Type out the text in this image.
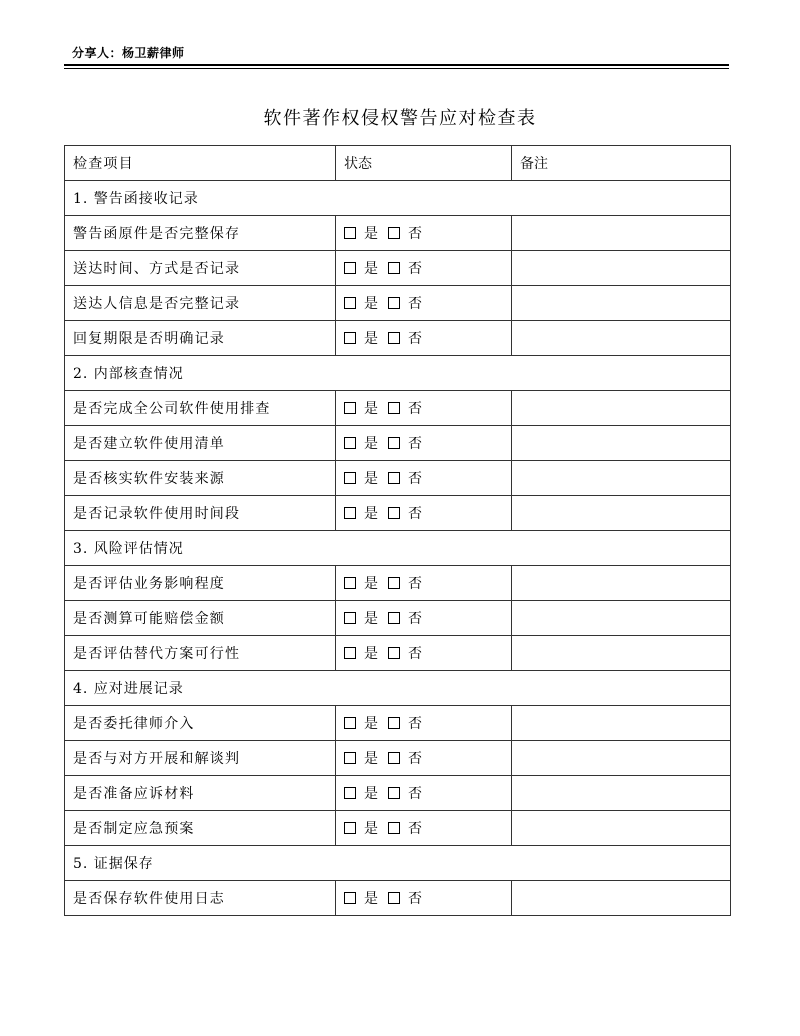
分享人：杨卫薪律师
软件著作权侵权警告应对检查表
检查项目	状态	备注
1. 警告函接收记录		
警告函原件是否完整保存	是 否	
送达时间、方式是否记录	是 否	
送达人信息是否完整记录	是 否	
回复期限是否明确记录	是 否	
2. 内部核查情况		
是否完成全公司软件使用排查	是 否	
是否建立软件使用清单	是 否	
是否核实软件安装来源	是 否	
是否记录软件使用时间段	是 否	
3. 风险评估情况		
是否评估业务影响程度	是 否	
是否测算可能赔偿金额	是 否	
是否评估替代方案可行性	是 否	
4. 应对进展记录		
是否委托律师介入	是 否	
是否与对方开展和解谈判	是 否	
是否准备应诉材料	是 否	
是否制定应急预案	是 否	
5. 证据保存		
是否保存软件使用日志	是 否	
